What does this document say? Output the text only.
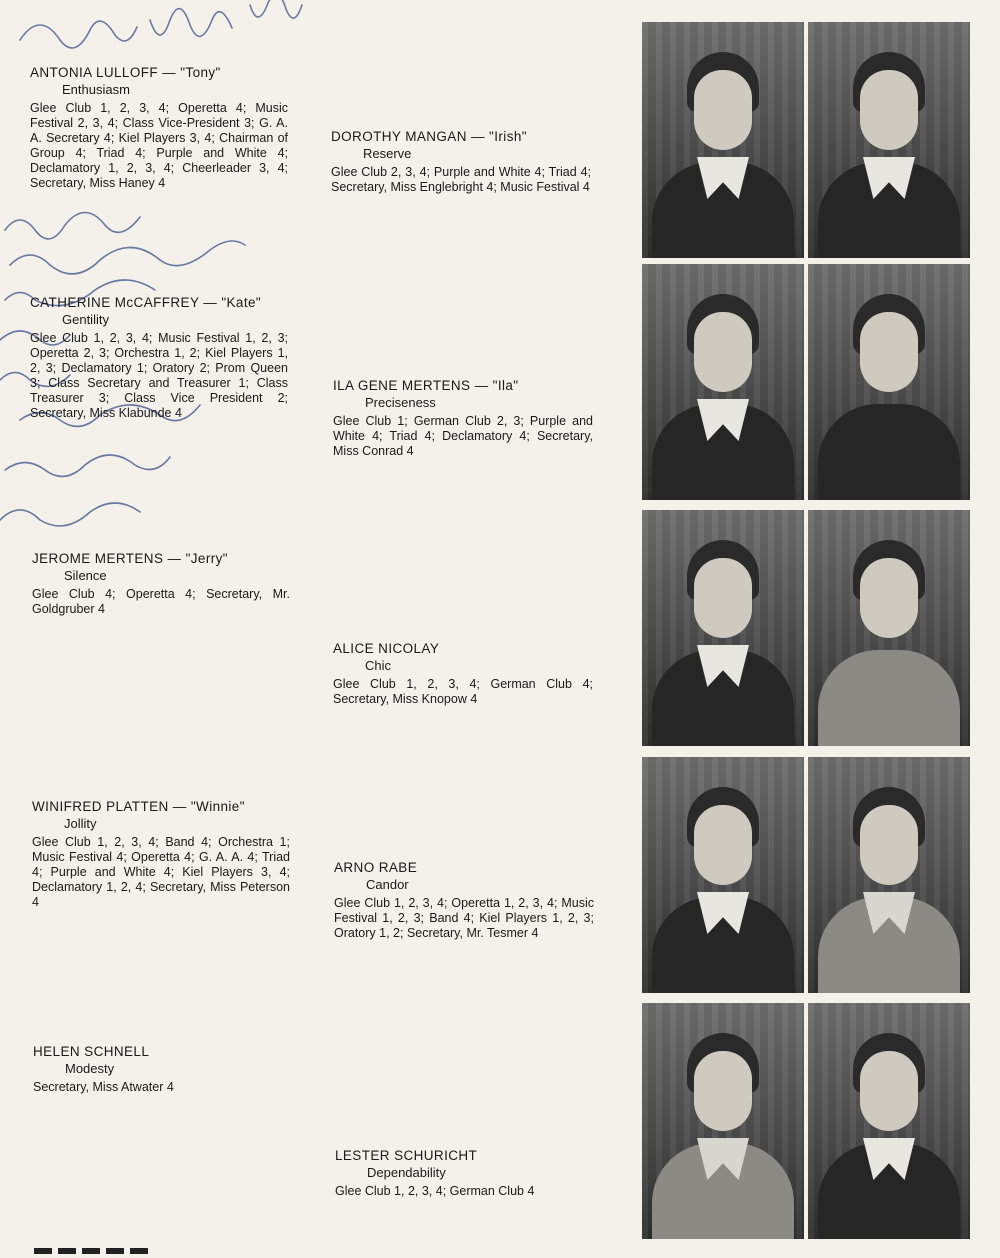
ANTONIA LULLOFF — "Tony"
Enthusiasm
Glee Club 1, 2, 3, 4; Operetta 4; Music Festival 2, 3, 4; Class Vice-President 3; G. A. A. Secretary 4; Kiel Players 3, 4; Chairman of Group 4; Triad 4; Purple and White 4; Declamatory 1, 2, 3, 4; Cheerleader 3, 4; Secretary, Miss Haney 4
CATHERINE McCAFFREY — "Kate"
Gentility
Glee Club 1, 2, 3, 4; Music Festival 1, 2, 3; Operetta 2, 3; Orchestra 1, 2; Kiel Players 1, 2, 3; Declamatory 1; Oratory 2; Prom Queen 3; Class Secretary and Treasurer 1; Class Treasurer 3; Class Vice President 2; Secretary, Miss Klabunde 4
JEROME MERTENS — "Jerry"
Silence
Glee Club 4; Operetta 4; Secretary, Mr. Goldgruber 4
WINIFRED PLATTEN — "Winnie"
Jollity
Glee Club 1, 2, 3, 4; Band 4; Orchestra 1; Music Festival 4; Operetta 4; G. A. A. 4; Triad 4; Purple and White 4; Kiel Players 3, 4; Declamatory 1, 2, 4; Secretary, Miss Peterson 4
HELEN SCHNELL
Modesty
Secretary, Miss Atwater 4
DOROTHY MANGAN — "Irish"
Reserve
Glee Club 2, 3, 4; Purple and White 4; Triad 4; Secretary, Miss Englebright 4; Music Festival 4
ILA GENE MERTENS — "Ila"
Preciseness
Glee Club 1; German Club 2, 3; Purple and White 4; Triad 4; Declamatory 4; Secretary, Miss Conrad 4
ALICE NICOLAY
Chic
Glee Club 1, 2, 3, 4; German Club 4; Secretary, Miss Knopow 4
ARNO RABE
Candor
Glee Club 1, 2, 3, 4; Operetta 1, 2, 3, 4; Music Festival 1, 2, 3; Band 4; Kiel Players 1, 2, 3; Oratory 1, 2; Secretary, Mr. Tesmer 4
LESTER SCHURICHT
Dependability
Glee Club 1, 2, 3, 4; German Club 4
